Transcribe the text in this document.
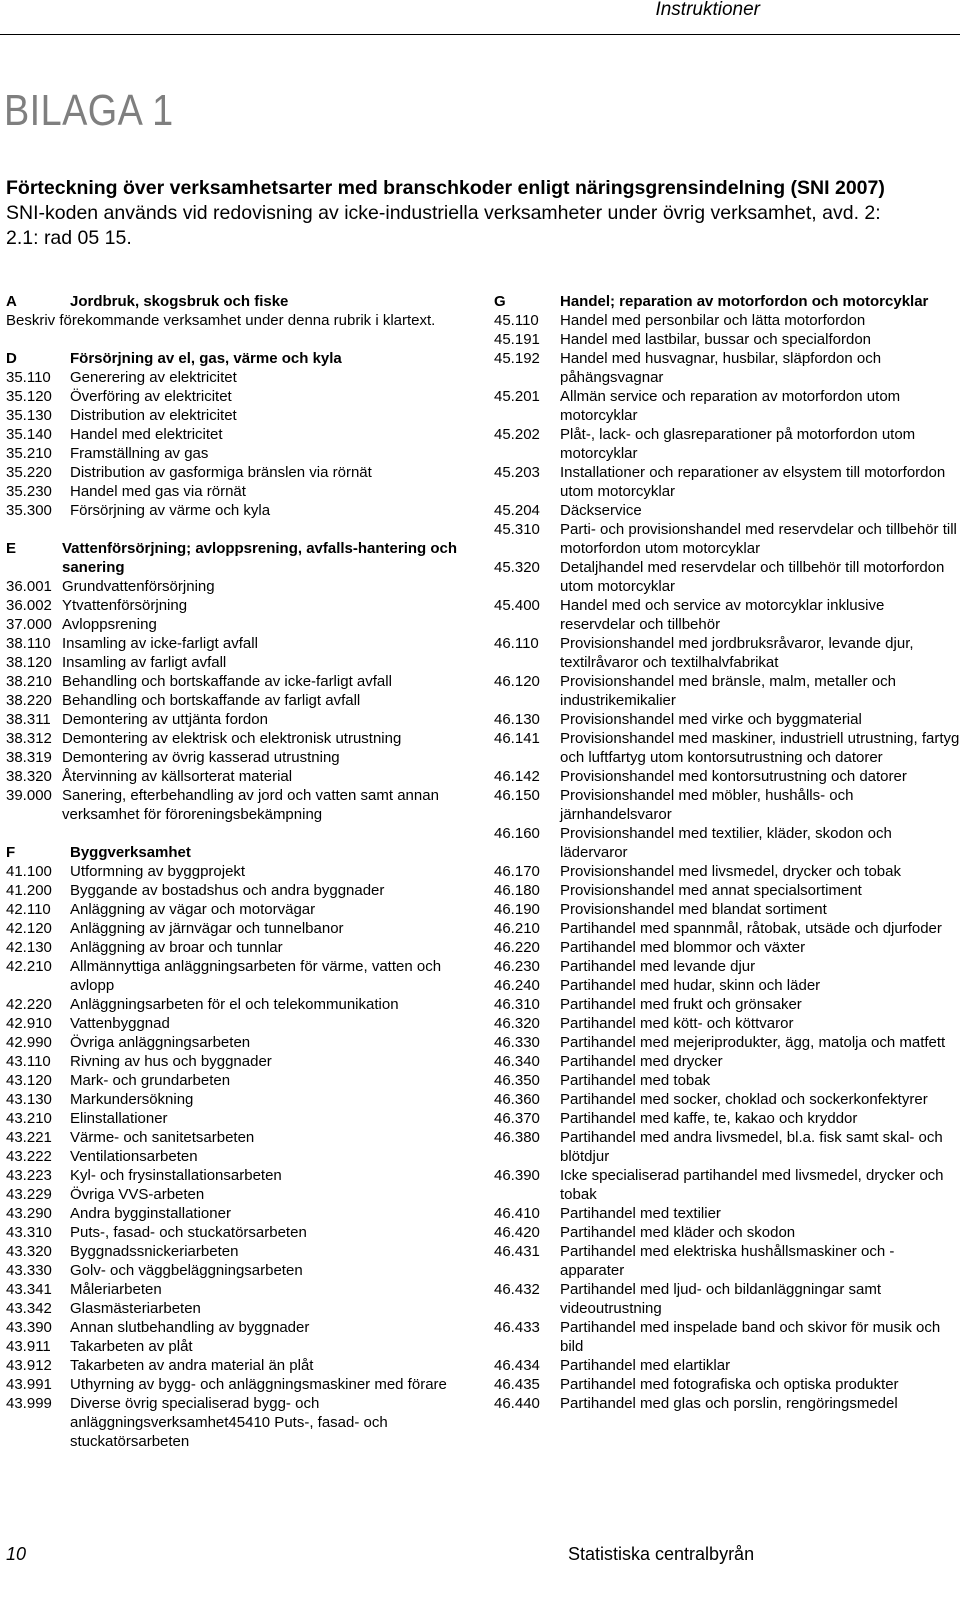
Instruktioner
BILAGA 1
Förteckning över verksamhetsarter med branschkoder enligt näringsgrensindelning (SNI 2007)
SNI-koden används vid redovisning av icke-industriella verksamheter under övrig verksamhet, avd. 2: 2.1: rad 05 15.
A	Jordbruk, skogsbruk och fiske
Beskriv förekommande verksamhet under denna rubrik i klartext.
D	Försörjning av el, gas, värme och kyla
35.110	Generering av elektricitet
35.120	Överföring av elektricitet
35.130	Distribution av elektricitet
35.140	Handel med elektricitet
35.210	Framställning av gas
35.220	Distribution av gasformiga bränslen via rörnät
35.230	Handel med gas via rörnät
35.300	Försörjning av värme och kyla
E	Vattenförsörjning; avloppsrening, avfalls-hantering och sanering
36.001 Grundvattenförsörjning
36.002 Ytvattenförsörjning
37.000 Avloppsrening
38.110 Insamling av icke-farligt avfall
38.120 Insamling av farligt avfall
38.210 Behandling och bortskaffande av icke-farligt avfall
38.220 Behandling och bortskaffande av farligt avfall
38.311 Demontering av uttjänta fordon
38.312 Demontering av elektrisk och elektronisk utrustning
38.319 Demontering av övrig kasserad utrustning
38.320 Återvinning av källsorterat material
39.000 Sanering, efterbehandling av jord och vatten samt annan verksamhet för föroreningsbekämpning
F	Byggverksamhet
41.100	Utformning av byggprojekt
41.200	Byggande av bostadshus och andra byggnader
42.110	Anläggning av vägar och motorvägar
42.120	Anläggning av järnvägar och tunnelbanor
42.130	Anläggning av broar och tunnlar
42.210	Allmännyttiga anläggningsarbeten för värme, vatten och avlopp
42.220	Anläggningsarbeten för el och telekommunikation
42.910	Vattenbyggnad
42.990	Övriga anläggningsarbeten
43.110	Rivning av hus och byggnader
43.120	Mark- och grundarbeten
43.130	Markundersökning
43.210	Elinstallationer
43.221	Värme- och sanitetsarbeten
43.222	Ventilationsarbeten
43.223	Kyl- och frysinstallationsarbeten
43.229	Övriga VVS-arbeten
43.290	Andra bygginstallationer
43.310	Puts-, fasad- och stuckatörsarbeten
43.320	Byggnadssnickeriarbeten
43.330	Golv- och väggbeläggningsarbeten
43.341	Måleriarbeten
43.342	Glasmästeriarbeten
43.390	Annan slutbehandling av byggnader
43.911	Takarbeten av plåt
43.912	Takarbeten av andra material än plåt
43.991	Uthyrning av bygg- och anläggningsmaskiner med förare
43.999	Diverse övrig specialiserad bygg- och anläggningsverksamhet45410 Puts-, fasad- och stuckatörsarbeten
G	Handel; reparation av motorfordon och motorcyklar
45.110	Handel med personbilar och lätta motorfordon
45.191	Handel med lastbilar, bussar och specialfordon
45.192	Handel med husvagnar, husbilar, släpfordon och påhängsvagnar
45.201	Allmän service och reparation av motorfordon utom motorcyklar
45.202	Plåt-, lack- och glasreparationer på motorfordon utom motorcyklar
45.203	Installationer och reparationer av elsystem till motorfordon utom motorcyklar
45.204	Däckservice
45.310	Parti- och provisionshandel med reservdelar och tillbehör till motorfordon utom motorcyklar
45.320	Detaljhandel med reservdelar och tillbehör till motorfordon utom motorcyklar
45.400	Handel med och service av motorcyklar inklusive reservdelar och tillbehör
46.110	Provisionshandel med jordbruksråvaror, levande djur, textilråvaror och textilhalvfabrikat
46.120	Provisionshandel med bränsle, malm, metaller och industrikemikalier
46.130	Provisionshandel med virke och byggmaterial
46.141	Provisionshandel med maskiner, industriell utrustning, fartyg och luftfartyg utom kontorsutrustning och datorer
46.142	Provisionshandel med kontorsutrustning och datorer
46.150	Provisionshandel med möbler, hushålls- och järnhandelsvaror
46.160	Provisionshandel med textilier, kläder, skodon och lädervaror
46.170	Provisionshandel med livsmedel, drycker och tobak
46.180	Provisionshandel med annat specialsortiment
46.190	Provisionshandel med blandat sortiment
46.210	Partihandel med spannmål, råtobak, utsäde och djurfoder
46.220	Partihandel med blommor och växter
46.230	Partihandel med levande djur
46.240	Partihandel med hudar, skinn och läder
46.310	Partihandel med frukt och grönsaker
46.320	Partihandel med kött- och köttvaror
46.330	Partihandel med mejeriprodukter, ägg, matolja och matfett
46.340	Partihandel med drycker
46.350	Partihandel med tobak
46.360	Partihandel med socker, choklad och sockerkonfektyrer
46.370	Partihandel med kaffe, te, kakao och kryddor
46.380	Partihandel med andra livsmedel, bl.a. fisk samt skal- och blötdjur
46.390	Icke specialiserad partihandel med livsmedel, drycker och tobak
46.410	Partihandel med textilier
46.420	Partihandel med kläder och skodon
46.431	Partihandel med elektriska hushållsmaskiner och - apparater
46.432	Partihandel med ljud- och bildanläggningar samt videoutrustning
46.433	Partihandel med inspelade band och skivor för musik och bild
46.434	Partihandel med elartiklar
46.435	Partihandel med fotografiska och optiska produkter
46.440	Partihandel med glas och porslin, rengöringsmedel
10	Statistiska centralbyrån
